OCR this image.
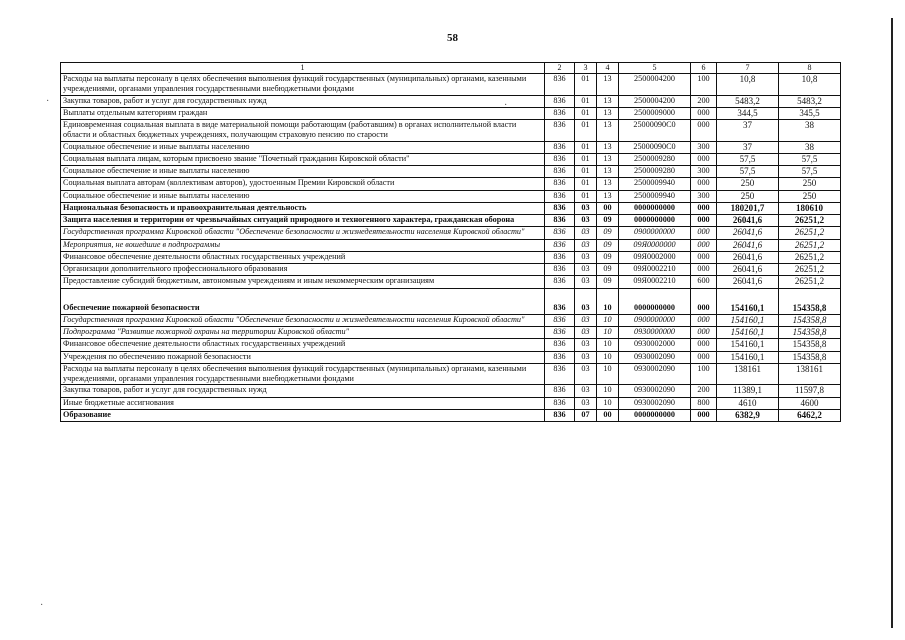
58
·	·
·
1	2	3	4	5	6	7	8
Расходы на выплаты персоналу в целях обеспечения выполнения функций государственных (муниципальных) органами, казенными учреждениями, органами управления государственными внебюджетными фондами	836	01	13	2500004200	100	10,8	10,8
Закупка товаров, работ и услуг для государственных нужд	836	01	13	2500004200	200	5483,2	5483,2
Выплаты отдельным категориям граждан	836	01	13	2500009000	000	344,5	345,5
Единовременная социальная выплата в виде материальной помощи работающим (работавшим) в органах исполнительной власти области и областных бюджетных учреждениях, получающим страховую пенсию по старости	836	01	13	25000090С0	000	37	38
Социальное обеспечение и иные выплаты населению	836	01	13	25000090С0	300	37	38
Социальная выплата лицам, которым присвоено звание "Почетный гражданин Кировской области"	836	01	13	2500009280	000	57,5	57,5
Социальное обеспечение и иные выплаты населению	836	01	13	2500009280	300	57,5	57,5
Социальная выплата авторам (коллективам авторов), удостоенным Премии Кировской области	836	01	13	2500009940	000	250	250
Социальное обеспечение и иные выплаты населению	836	01	13	2500009940	300	250	250
Национальная безопасность и правоохранительная деятельность	836	03	00	0000000000	000	180201,7	180610
Защита населения и территории от чрезвычайных ситуаций природного и техногенного характера, гражданская оборона	836	03	09	0000000000	000	26041,6	26251,2
Государственная программа Кировской области "Обеспечение безопасности и жизнедеятельности населения Кировской области"	836	03	09	0900000000	000	26041,6	26251,2
Мероприятия, не вошедшие в подпрограммы	836	03	09	09Я0000000	000	26041,6	26251,2
Финансовое обеспечение деятельности областных государственных учреждений	836	03	09	09Я0002000	000	26041,6	26251,2
Организации дополнительного профессионального образования	836	03	09	09Я0002210	000	26041,6	26251,2
Предоставление субсидий бюджетным, автономным учреждениям и иным некоммерческим организациям	836	03	09	09Я0002210	600	26041,6	26251,2
Обеспечение пожарной безопасности	836	03	10	0000000000	000	154160,1	154358,8
Государственная программа Кировской области "Обеспечение безопасности и жизнедеятельности населения Кировской области"	836	03	10	0900000000	000	154160,1	154358,8
Подпрограмма "Развитие пожарной охраны на территории Кировской области"	836	03	10	0930000000	000	154160,1	154358,8
Финансовое обеспечение деятельности областных государственных учреждений	836	03	10	0930002000	000	154160,1	154358,8
Учреждения по обеспечению пожарной безопасности	836	03	10	0930002090	000	154160,1	154358,8
Расходы на выплаты персоналу в целях обеспечения выполнения функций государственных (муниципальных) органами, казенными учреждениями, органами управления государственными внебюджетными фондами	836	03	10	0930002090	100	138161	138161
Закупка товаров, работ и услуг для государственных нужд	836	03	10	0930002090	200	11389,1	11597,8
Иные бюджетные ассигнования	836	03	10	0930002090	800	4610	4600
Образование	836	07	00	0000000000	000	6382,9	6462,2
